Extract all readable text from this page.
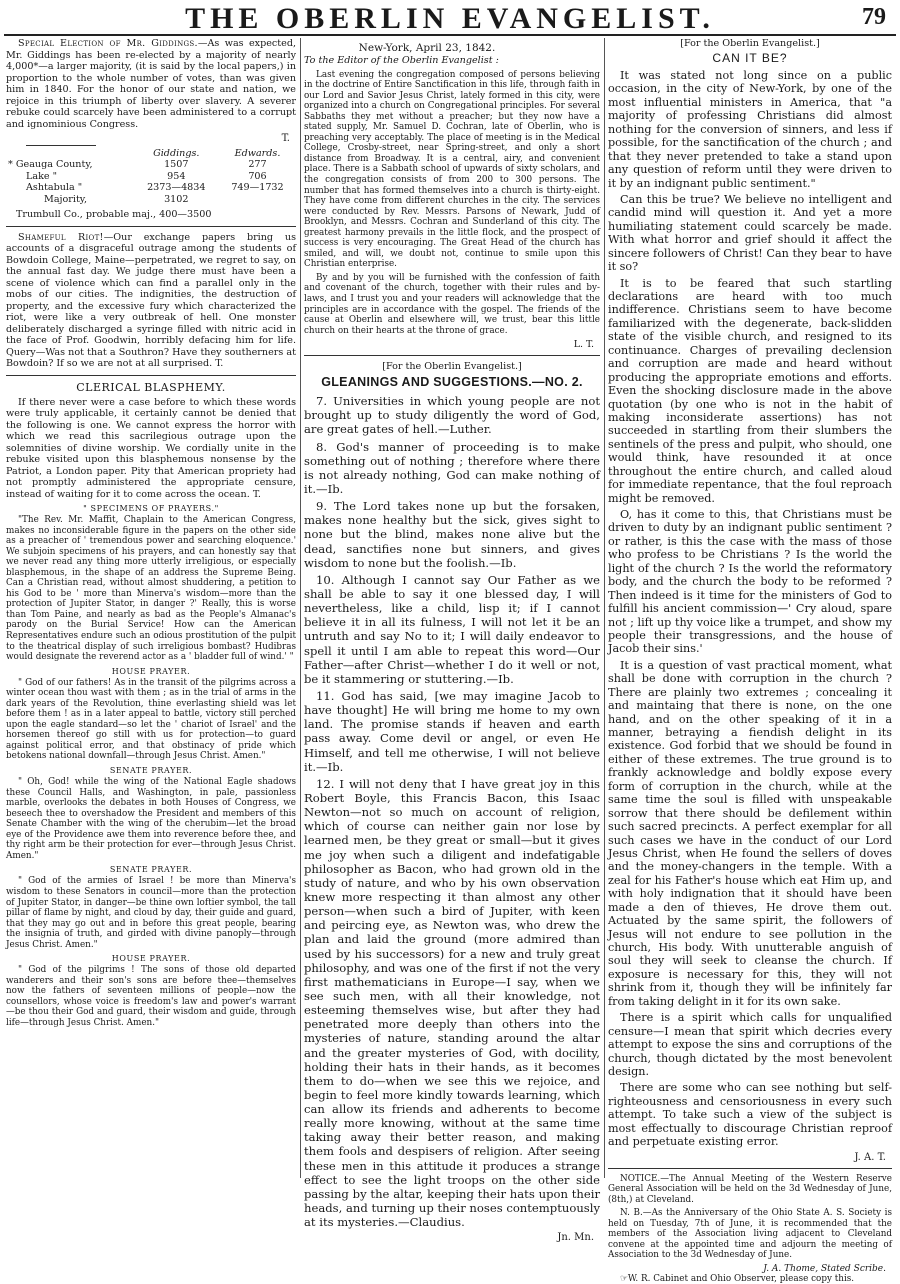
THE OBERLIN EVANGELIST.	79

Special Election of Mr. Giddings.—As was expected, Mr. Giddings has been re-elected by a majority of nearly 4,000*—a larger majority, (it is said by the local papers,) in proportion to the whole number of votes, than was given him in 1840. For the honor of our state and nation, we rejoice in this triumph of liberty over slavery. A severer rebuke could scarcely have been administered to a corrupt and ignominious Congress.

T.
	Giddings.	Edwards.
* Geauga County,	1507	277
Lake "	954	706
Ashtabula "	2373—4834	749—1732
Majority,	3102	

Trumbull Co., probable maj., 400—3500

Shameful Riot!—Our exchange papers bring us accounts of a disgraceful outrage among the students of Bowdoin College, Maine—perpetrated, we regret to say, on the annual fast day. We judge there must have been a scene of violence which can find a parallel only in the mobs of our cities. The indignities, the destruction of property, and the excessive fury which characterized the riot, were like a very outbreak of hell. One monster deliberately discharged a syringe filled with nitric acid in the face of Prof. Goodwin, horribly defacing him for life. Query—Was not that a Southron? Have they southerners at Bowdoin? If so we are not at all surprised. T.

CLERICAL BLASPHEMY.

If there never were a case before to which these words were truly applicable, it certainly cannot be denied that the following is one. We cannot express the horror with which we read this sacrilegious outrage upon the solemnities of divine worship. We cordially unite in the rebuke visited upon this blasphemous nonsense by the Patriot, a London paper. Pity that American propriety had not promptly administered the appropriate censure, instead of waiting for it to come across the ocean. T.

" SPECIMENS OF PRAYERS."

"The Rev. Mr. Maffit, Chaplain to the American Congress, makes no inconsiderable figure in the papers on the other side as a preacher of ' tremendous power and searching eloquence.' We subjoin specimens of his prayers, and can honestly say that we never read any thing more utterly irreligious, or especially blasphemous, in the shape of an address the Supreme Being. Can a Christian read, without almost shuddering, a petition to his God to be ' more than Minerva's wisdom—more than the protection of Jupiter Stator, in danger ?' Really, this is worse than Tom Paine, and nearly as bad as the People's Almanac's parody on the Burial Service! How can the American Representatives endure such an odious prostitution of the pulpit to the theatrical display of such irreligious bombast? Hudibras would designate the reverend actor as a ' bladder full of wind.' "

HOUSE PRAYER.

" God of our fathers! As in the transit of the pilgrims across a winter ocean thou wast with them ; as in the trial of arms in the dark years of the Revolution, thine everlasting shield was let before them ! as in a later appeal to battle, victory still perched upon the eagle standard—so let the ' chariot of Israel' and the horsemen thereof go still with us for protection—to guard against political error, and that obstinacy of pride which betokens national downfall—through Jesus Christ. Amen."

SENATE PRAYER.

" Oh, God! while the wing of the National Eagle shadows these Council Halls, and Washington, in pale, passionless marble, overlooks the debates in both Houses of Congress, we beseech thee to overshadow the President and members of this Senate Chamber with the wing of the cherubim—let the broad eye of the Providence awe them into reverence before thee, and thy right arm be their protection for ever—through Jesus Christ. Amen."

SENATE PRAYER.

" God of the armies of Israel ! be more than Minerva's wisdom to these Senators in council—more than the protection of Jupiter Stator, in danger—be thine own loftier symbol, the tall pillar of flame by night, and cloud by day, their guide and guard, that they may go out and in before this great people, bearing the insignia of truth, and girded with divine panoply—through Jesus Christ. Amen."

HOUSE PRAYER.

" God of the pilgrims ! The sons of those old departed wanderers and their son's sons are before thee—themselves now the fathers of seventeen millions of people—now the counsellors, whose voice is freedom's law and power's warrant—be thou their God and guard, their wisdom and guide, through life—through Jesus Christ. Amen."

New-York, April 23, 1842.

To the Editor of the Oberlin Evangelist :

Last evening the congregation composed of persons believing in the doctrine of Entire Sanctification in this life, through faith in our Lord and Savior Jesus Christ, lately formed in this city, were organized into a church on Congregational principles. For several Sabbaths they met without a preacher; but they now have a stated supply, Mr. Samuel D. Cochran, late of Oberlin, who is preaching very acceptably. The place of meeting is in the Medical College, Crosby-street, near Spring-street, and only a short distance from Broadway. It is a central, airy, and convenient place. There is a Sabbath school of upwards of sixty scholars, and the congregation consists of from 200 to 300 persons. The number that has formed themselves into a church is thirty-eight. They have come from different churches in the city. The services were conducted by Rev. Messrs. Parsons of Newark, Judd of Brooklyn, and Messrs. Cochran and Sunderland of this city. The greatest harmony prevails in the little flock, and the prospect of success is very encouraging. The Great Head of the church has smiled, and will, we doubt not, continue to smile upon this Christian enterprise.

By and by you will be furnished with the confession of faith and covenant of the church, together with their rules and by-laws, and I trust you and your readers will acknowledge that the principles are in accordance with the gospel. The friends of the cause at Oberlin and elsewhere will, we trust, bear this little church on their hearts at the throne of grace.

L. T.
[For the Oberlin Evangelist.]
GLEANINGS AND SUGGESTIONS.—NO. 2.

7. Universities in which young people are not brought up to study diligently the word of God, are great gates of hell.—Luther.

8. God's manner of proceeding is to make something out of nothing ; therefore where there is not already nothing, God can make nothing of it.—Ib.

9. The Lord takes none up but the forsaken, makes none healthy but the sick, gives sight to none but the blind, makes none alive but the dead, sanctifies none but sinners, and gives wisdom to none but the foolish.—Ib.

10. Although I cannot say Our Father as we shall be able to say it one blessed day, I will nevertheless, like a child, lisp it; if I cannot believe it in all its fulness, I will not let it be an untruth and say No to it; I will daily endeavor to spell it until I am able to repeat this word—Our Father—after Christ—whether I do it well or not, be it stammering or stuttering.—Ib.

11. God has said, [we may imagine Jacob to have thought] He will bring me home to my own land. The promise stands if heaven and earth pass away. Come devil or angel, or even He Himself, and tell me otherwise, I will not believe it.—Ib.

12. I will not deny that I have great joy in this Robert Boyle, this Francis Bacon, this Isaac Newton—not so much on account of religion, which of course can neither gain nor lose by learned men, be they great or small—but it gives me joy when such a diligent and indefatigable philosopher as Bacon, who had grown old in the study of nature, and who by his own observation knew more respecting it than almost any other person—when such a bird of Jupiter, with keen and peircing eye, as Newton was, who drew the plan and laid the ground (more admired than used by his successors) for a new and truly great philosophy, and was one of the first if not the very first mathematicians in Europe—I say, when we see such men, with all their knowledge, not esteeming themselves wise, but after they had penetrated more deeply than others into the mysteries of nature, standing around the altar and the greater mysteries of God, with docility, holding their hats in their hands, as it becomes them to do—when we see this we rejoice, and begin to feel more kindly towards learning, which can allow its friends and adherents to become really more knowing, without at the same time taking away their better reason, and making them fools and despisers of religion. After seeing these men in this attitude it produces a strange effect to see the light troops on the other side passing by the altar, keeping their hats upon their heads, and turning up their noses contemptuously at its mysteries.—Claudius.

Jn. Mn.
[For the Oberlin Evangelist.]
CAN IT BE?

It was stated not long since on a public occasion, in the city of New-York, by one of the most influential ministers in America, that "a majority of professing Christians did almost nothing for the conversion of sinners, and less if possible, for the sanctification of the church ; and that they never pretended to take a stand upon any question of reform until they were driven to it by an indignant public sentiment."

Can this be true? We believe no intelligent and candid mind will question it. And yet a more humiliating statement could scarcely be made. With what horror and grief should it affect the sincere followers of Christ! Can they bear to have it so?

It is to be feared that such startling declarations are heard with too much indifference. Christians seem to have become familiarized with the degenerate, back-slidden state of the visible church, and resigned to its continuance. Charges of prevailing declension and corruption are made and heard without producing the appropriate emotions and efforts. Even the shocking disclosure made in the above quotation (by one who is not in the habit of making inconsiderate assertions) has not succeeded in startling from their slumbers the sentinels of the press and pulpit, who should, one would think, have resounded it at once throughout the entire church, and called aloud for immediate repentance, that the foul reproach might be removed.

O, has it come to this, that Christians must be driven to duty by an indignant public sentiment ? or rather, is this the case with the mass of those who profess to be Christians ? Is the world the light of the church ? Is the world the reformatory body, and the church the body to be reformed ? Then indeed is it time for the ministers of God to fulfill his ancient commission—' Cry aloud, spare not ; lift up thy voice like a trumpet, and show my people their transgressions, and the house of Jacob their sins.'

It is a question of vast practical moment, what shall be done with corruption in the church ? There are plainly two extremes ; concealing it and maintaing that there is none, on the one hand, and on the other speaking of it in a manner, betraying a fiendish delight in its existence. God forbid that we should be found in either of these extremes. The true ground is to frankly acknowledge and boldly expose every form of corruption in the church, while at the same time the soul is filled with unspeakable sorrow that there should be defilement within such sacred precincts. A perfect exemplar for all such cases we have in the conduct of our Lord Jesus Christ, when He found the sellers of doves and the money-changers in the temple. With a zeal for his Father's house which eat Him up, and with holy indignation that it should have been made a den of thieves, He drove them out. Actuated by the same spirit, the followers of Jesus will not endure to see pollution in the church, His body. With unutterable anguish of soul they will seek to cleanse the church. If exposure is necessary for this, they will not shrink from it, though they will be infinitely far from taking delight in it for its own sake.

There is a spirit which calls for unqualified censure—I mean that spirit which decries every attempt to expose the sins and corruptions of the church, though dictated by the most benevolent design.

There are some who can see nothing but self-righteousness and censoriousness in every such attempt. To take such a view of the subject is most effectually to discourage Christian reproof and perpetuate existing error.

J. A. T.

NOTICE.—The Annual Meeting of the Western Reserve General Association will be held on the 3d Wednesday of June, (8th,) at Cleveland.

N. B.—As the Anniversary of the Ohio State A. S. Society is held on Tuesday, 7th of June, it is recommended that the members of the Association living adjacent to Cleveland convene at the appointed time and adjourn the meeting of Association to the 3d Wednesday of June.

J. A. Thome, Stated Scribe.

☞W. R. Cabinet and Ohio Observer, please copy this.
